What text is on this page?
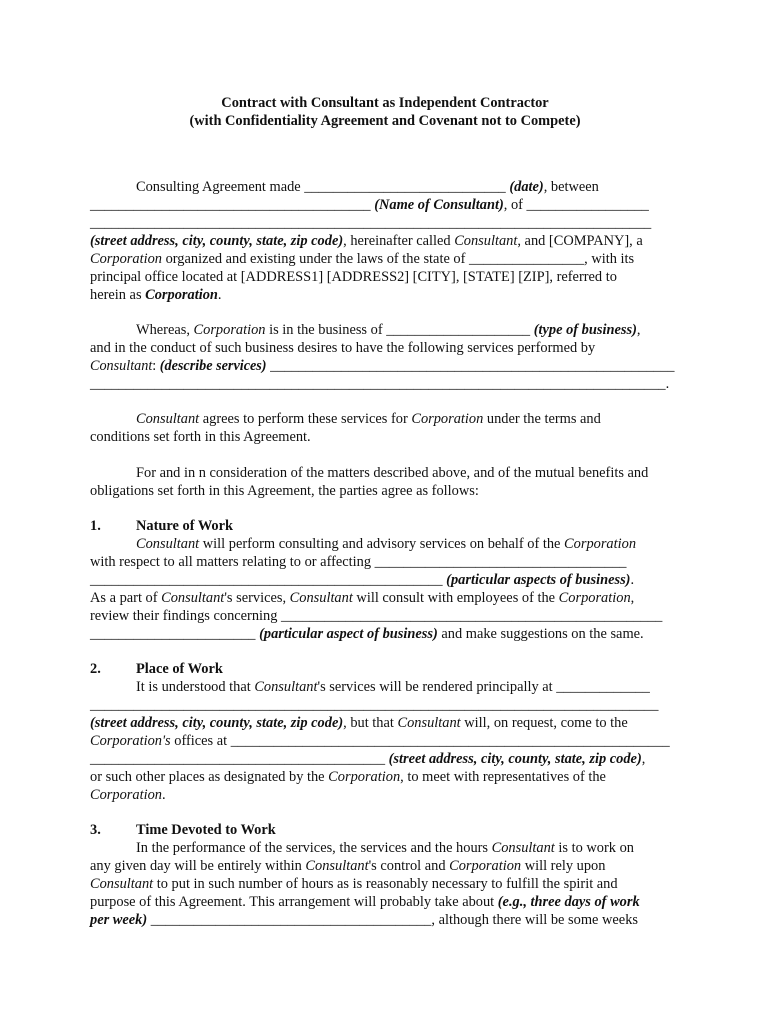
Contract with Consultant as Independent Contractor
(with Confidentiality Agreement and Covenant not to Compete)
Consulting Agreement made ____________________________ (date), between
_______________________________________ (Name of Consultant), of _________________
______________________________________________________________________________
(street address, city, county, state, zip code), hereinafter called Consultant, and [COMPANY], a
Corporation organized and existing under the laws of the state of ________________, with its
principal office located at [ADDRESS1] [ADDRESS2] [CITY], [STATE] [ZIP], referred to
herein as Corporation.
Whereas, Corporation is in the business of ____________________ (type of business),
and in the conduct of such business desires to have the following services performed by
Consultant: (describe services) _________________________________________________________
________________________________________________________________________________.
Consultant agrees to perform these services for Corporation under the terms and
conditions set forth in this Agreement.
For and in n consideration of the matters described above, and of the mutual benefits and
obligations set forth in this Agreement, the parties agree as follows:
1. Nature of Work
Consultant will perform consulting and advisory services on behalf of the Corporation
with respect to all matters relating to or affecting ___________________________________
_________________________________________________ (particular aspects of business).
As a part of Consultant's services, Consultant will consult with employees of the Corporation,
review their findings concerning _____________________________________________________
_______________________ (particular aspect of business) and make suggestions on the same.
2. Place of Work
It is understood that Consultant's services will be rendered principally at _____________
_______________________________________________________________________________
(street address, city, county, state, zip code), but that Consultant will, on request, come to the
Corporation's offices at _____________________________________________________________
_________________________________________ (street address, city, county, state, zip code),
or such other places as designated by the Corporation, to meet with representatives of the
Corporation.
3. Time Devoted to Work
In the performance of the services, the services and the hours Consultant is to work on
any given day will be entirely within Consultant's control and Corporation will rely upon
Consultant to put in such number of hours as is reasonably necessary to fulfill the spirit and
purpose of this Agreement. This arrangement will probably take about (e.g., three days of work
per week) _______________________________________, although there will be some weeks
